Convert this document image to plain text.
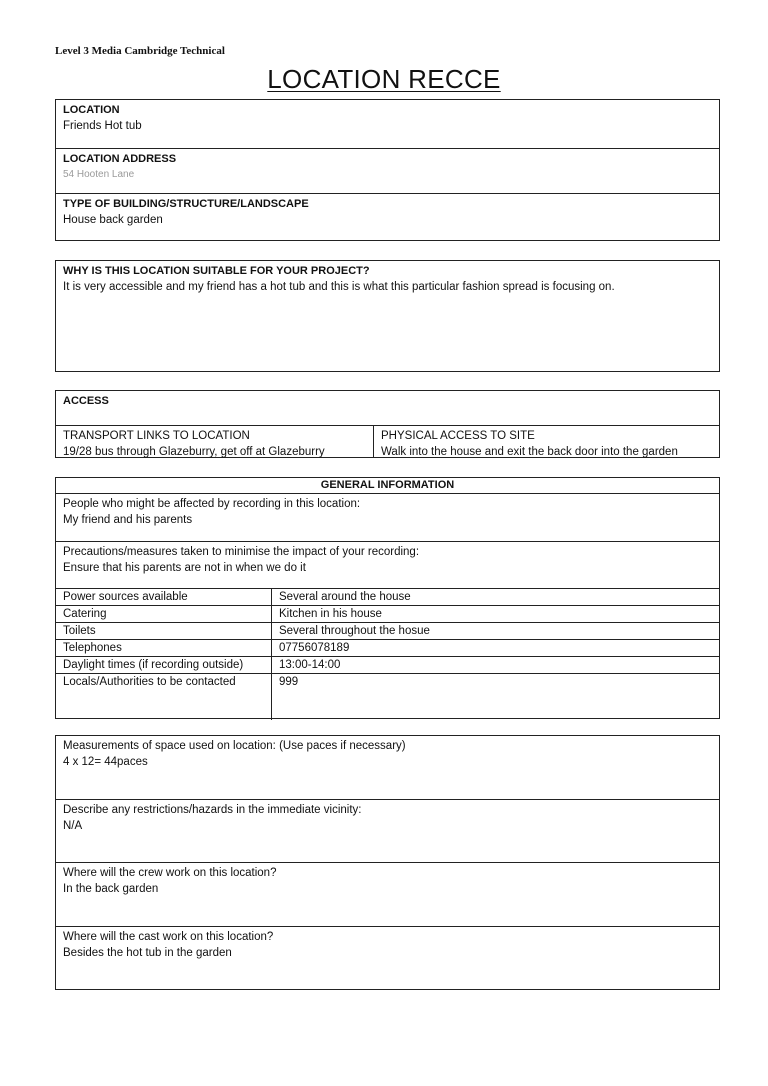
Level 3 Media Cambridge Technical
LOCATION RECCE
LOCATION
Friends Hot tub
LOCATION ADDRESS
54 Hooten Lane
TYPE OF BUILDING/STRUCTURE/LANDSCAPE
House back garden
WHY IS THIS LOCATION SUITABLE FOR YOUR PROJECT?
It is very accessible and my friend has a hot tub and this is what this particular fashion spread is focusing on.
ACCESS
TRANSPORT LINKS TO LOCATION
19/28 bus through Glazeburry, get off at Glazeburry
PHYSICAL ACCESS TO SITE
Walk into the house and exit the back door into the garden
GENERAL INFORMATION
People who might be affected by recording in this location:
My friend and his parents
Precautions/measures taken to minimise the impact of your recording:
Ensure that his parents are not in when we do it
Power sources available	Several around the house
Catering	Kitchen in his house
Toilets	Several throughout the hosue
Telephones	07756078189
Daylight times (if recording outside)	13:00-14:00
Locals/Authorities to be contacted	999
Measurements of space used on location: (Use paces if necessary)
4 x 12= 44paces
Describe any restrictions/hazards in the immediate vicinity:
N/A
Where will the crew work on this location?
In the back garden
Where will the cast work on this location?
Besides the hot tub in the garden
